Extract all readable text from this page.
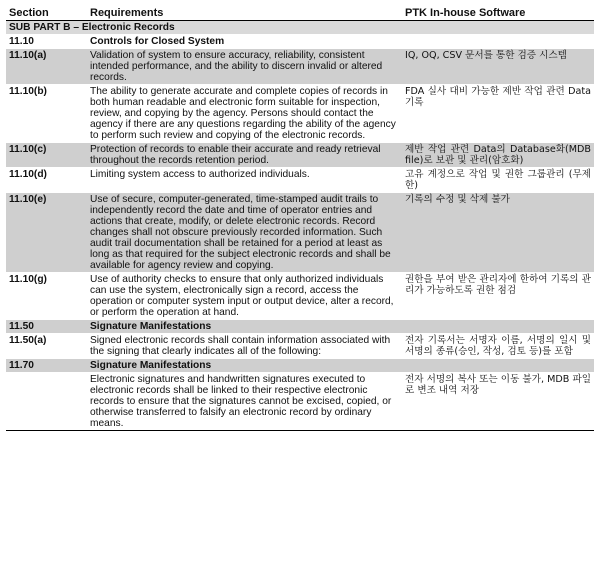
Section	Requirements	PTK In-house Software
SUB PART B – Electronic Records		
11.10	Controls for Closed System	
11.10(a)	Validation of system to ensure accuracy, reliability, consistent intended performance, and the ability to discern invalid or altered records.	IQ, OQ, CSV 문서를 통한 검증 시스템
11.10(b)	The ability to generate accurate and complete copies of records in both human readable and electronic form suitable for inspection, review, and copying by the agency. Persons should contact the agency if there are any questions regarding the ability of the agency to perform such review and copying of the electronic records.	FDA 실사 대비 가능한 제반 작업 관련 Data 기록
11.10(c)	Protection of records to enable their accurate and ready retrieval throughout the records retention period.	제반 작업 관련 Data의 Database화(MDB file)로 보관 및 관리(암호화)
11.10(d)	Limiting system access to authorized individuals.	고유 계정으로 작업 및 권한 그룹관리 (무제한)
11.10(e)	Use of secure, computer-generated, time-stamped audit trails to independently record the date and time of operator entries and actions that create, modify, or delete electronic records. Record changes shall not obscure previously recorded information. Such audit trail documentation shall be retained for a period at least as long as that required for the subject electronic records and shall be available for agency review and copying.	기록의 수정 및 삭제 불가
11.10(g)	Use of authority checks to ensure that only authorized individuals can use the system, electronically sign a record, access the operation or computer system input or output device, alter a record, or perform the operation at hand.	권한을 부여 받은 관리자에 한하여 기록의 관리가 가능하도록 권한 점검
11.50	Signature Manifestations	
11.50(a)	Signed electronic records shall contain information associated with the signing that clearly indicates all of the following:	전자 기록서는 서명자 이름, 서명의 일시 및 서명의 종류(승인, 작성, 검토 등)를 포함
11.70	Signature Manifestations	
	Electronic signatures and handwritten signatures executed to electronic records shall be linked to their respective electronic records to ensure that the signatures cannot be excised, copied, or otherwise transferred to falsify an electronic record by ordinary means.	전자 서명의 복사 또는 이동 불가, MDB 파일로 변조 내역 저장
